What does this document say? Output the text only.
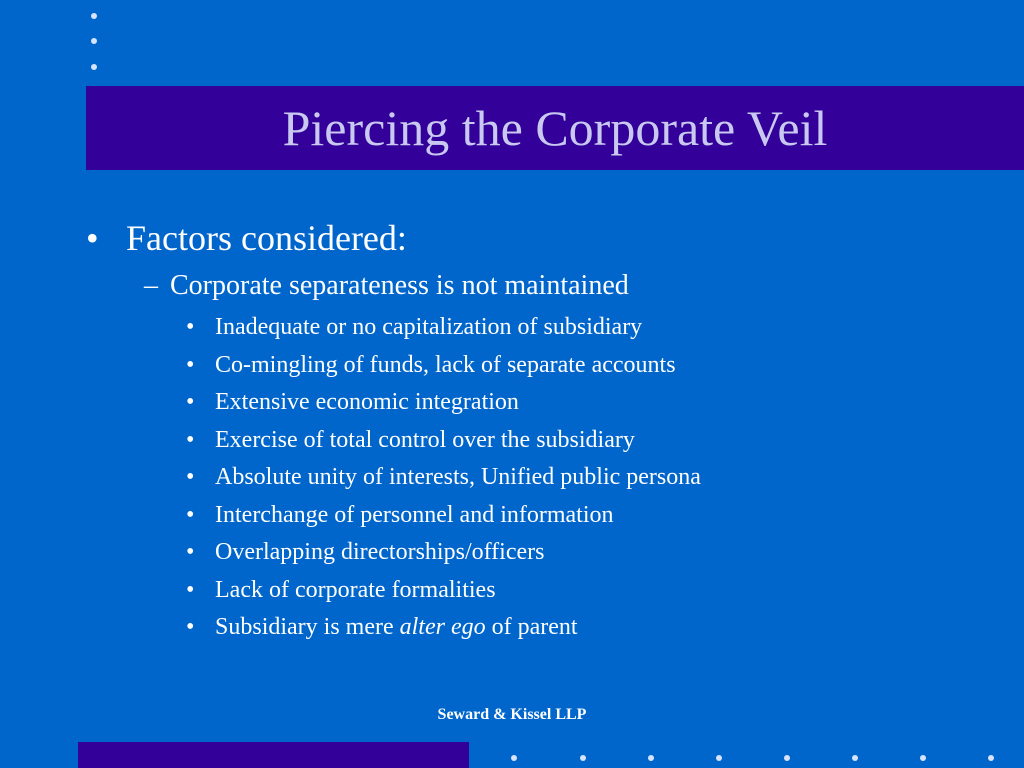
Piercing the Corporate Veil
• Factors considered:
– Corporate separateness is not maintained
• Inadequate or no capitalization of subsidiary
• Co-mingling of funds, lack of separate accounts
• Extensive economic integration
• Exercise of total control over the subsidiary
• Absolute unity of interests, Unified public persona
• Interchange of personnel and information
• Overlapping directorships/officers
• Lack of corporate formalities
• Subsidiary is mere alter ego of parent
Seward & Kissel LLP
